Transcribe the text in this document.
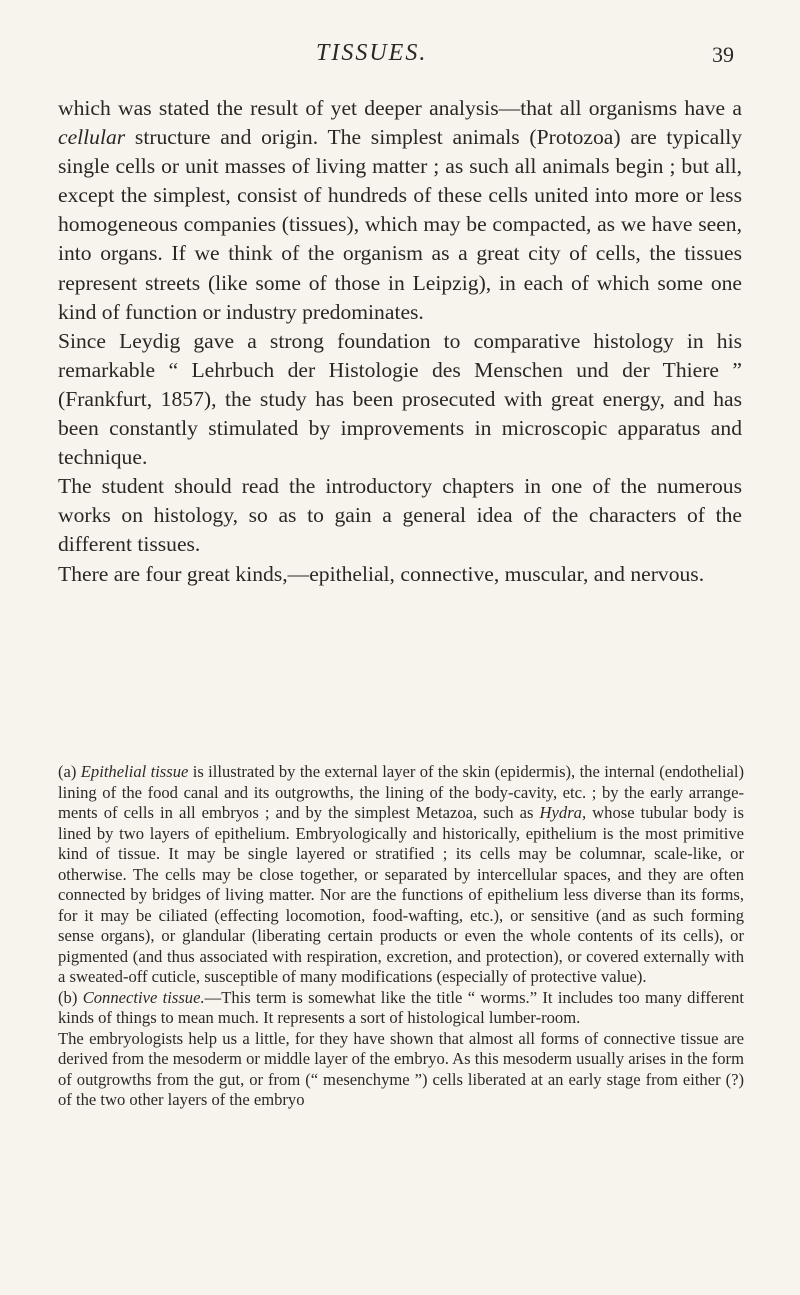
TISSUES.	39

which was stated the result of yet deeper analysis—that all organisms have a cellular structure and origin. The simplest animals (Protozoa) are typically single cells or unit masses of living matter ; as such all animals begin ; but all, except the simplest, consist of hundreds of these cells united into more or less homogeneous companies (tissues), which may be compacted, as we have seen, into organs. If we think of the organism as a great city of cells, the tissues represent streets (like some of those in Leipzig), in each of which some one kind of function or industry predominates.

Since Leydig gave a strong foundation to comparative histology in his remarkable “ Lehrbuch der Histologie des Menschen und der Thiere ” (Frankfurt, 1857), the study has been prosecuted with great energy, and has been constantly stimulated by improvements in microscopic apparatus and technique.

The student should read the introductory chapters in one of the numerous works on histology, so as to gain a general idea of the characters of the different tissues.

There are four great kinds,—epithelial, connective, muscular, and nervous.

(a) Epithelial tissue is illustrated by the external layer of the skin (epidermis), the internal (endothelial) lining of the food canal and its outgrowths, the lining of the body-cavity, etc. ; by the early arrangements of cells in all embryos ; and by the simplest Metazoa, such as Hydra, whose tubular body is lined by two layers of epithelium. Embryologically and historically, epithelium is the most primitive kind of tissue. It may be single layered or stratified ; its cells may be columnar, scale-like, or otherwise. The cells may be close together, or separated by intercellular spaces, and they are often connected by bridges of living matter. Nor are the functions of epithelium less diverse than its forms, for it may be ciliated (effecting locomotion, food-wafting, etc.), or sensitive (and as such forming sense organs), or glandular (liberating certain products or even the whole contents of its cells), or pigmented (and thus associated with respiration, excretion, and protection), or covered externally with a sweated-off cuticle, susceptible of many modifications (especially of protective value).

(b) Connective tissue.—This term is somewhat like the title “ worms.” It includes too many different kinds of things to mean much. It represents a sort of histological lumber-room.

The embryologists help us a little, for they have shown that almost all forms of connective tissue are derived from the mesoderm or middle layer of the embryo. As this mesoderm usually arises in the form of outgrowths from the gut, or from (“ mesenchyme ”) cells liberated at an early stage from either (?) of the two other layers of the embryo
